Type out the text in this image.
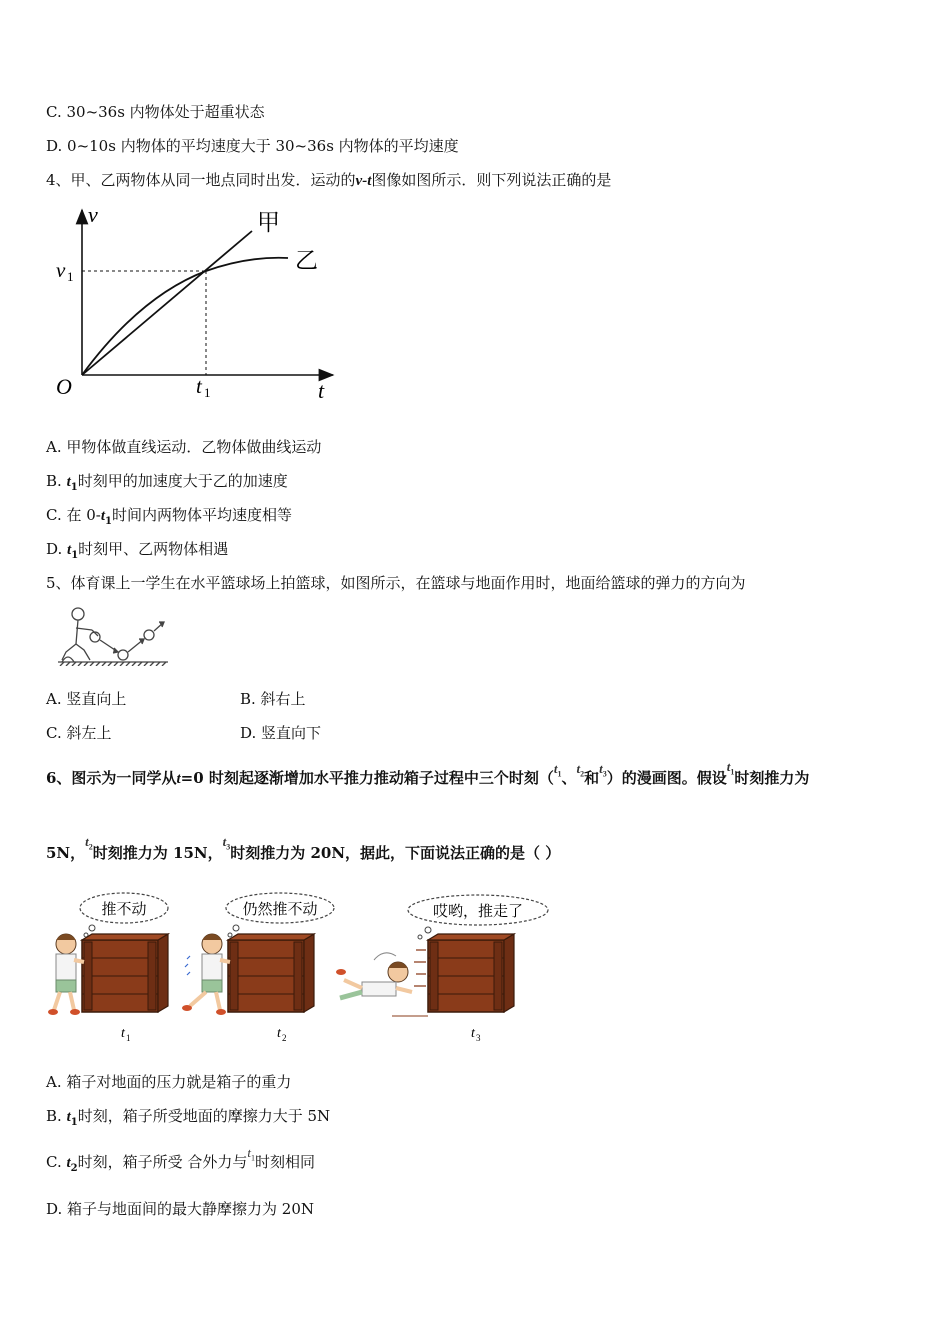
C. 30~36s 内物体处于超重状态
D. 0~10s 内物体的平均速度大于 30~36s 内物体的平均速度
4、甲、乙两物体从同一地点同时出发．运动的v-t图像如图所示．则下列说法正确的是
v
t
O
v 1
t 1
甲
乙
A. 甲物体做直线运动．乙物体做曲线运动
B. $t_1$时刻甲的加速度大于乙的加速度
C. 在 $0-t_1$时间内两物体平均速度相等
D. $t_1$时刻甲、乙两物体相遇
5、体育课上一学生在水平篮球场上拍篮球，如图所示，在篮球与地面作用时，地面给篮球的弹力的方向为
A. 竖直向上	B. 斜右上
C. 斜左上	D. 竖直向下
6、图示为一同学从t=0 时刻起逐渐增加水平推力推动箱子过程中三个时刻（$t_1$、$t_2$和$t_3$）的漫画图。假设$t_1$时刻推力为
5N，$t_2$时刻推力为 15N，$t_3$时刻推力为 20N，据此，下面说法正确的是（ ）
推不动	仍然推不动	哎哟，推走了
t 1	t 2	t 3
A. 箱子对地面的压力就是箱子的重力
B. $t_1$时刻，箱子所受地面的摩擦力大于 5N
C. $t_2$时刻，箱子所受 合外力与$t_1$时刻相同
D. 箱子与地面间的最大静摩擦力为 20N
